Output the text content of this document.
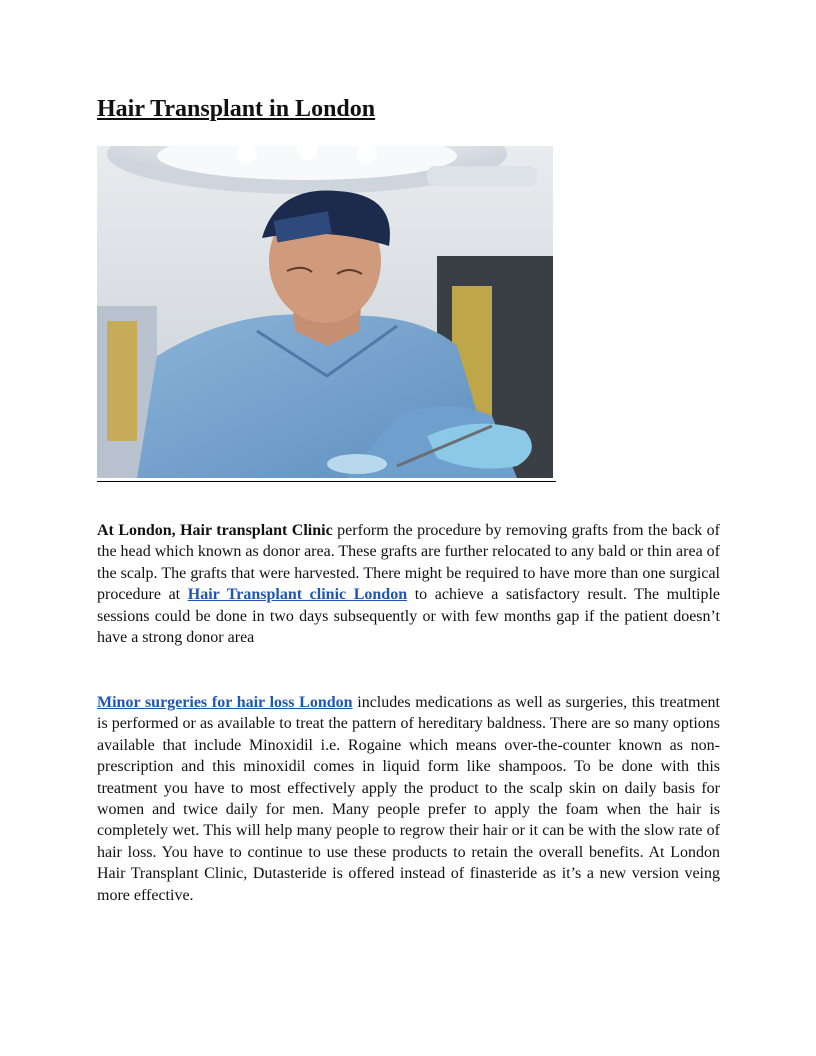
Hair Transplant in London

At London, Hair transplant Clinic perform the procedure by removing grafts from the back of the head which known as donor area. These grafts are further relocated to any bald or thin area of the scalp. The grafts that were harvested. There might be required to have more than one surgical procedure at Hair Transplant clinic London to achieve a satisfactory result. The multiple sessions could be done in two days subsequently or with few months gap if the patient doesn’t have a strong donor area

Minor surgeries for hair loss London includes medications as well as surgeries, this treatment is performed or as available to treat the pattern of hereditary baldness. There are so many options available that include Minoxidil i.e. Rogaine which means over-the-counter known as non-prescription and this minoxidil comes in liquid form like shampoos. To be done with this treatment you have to most effectively apply the product to the scalp skin on daily basis for women and twice daily for men. Many people prefer to apply the foam when the hair is completely wet. This will help many people to regrow their hair or it can be with the slow rate of hair loss. You have to continue to use these products to retain the overall benefits. At London Hair Transplant Clinic, Dutasteride is offered instead of finasteride as it’s a new version veing more effective.
